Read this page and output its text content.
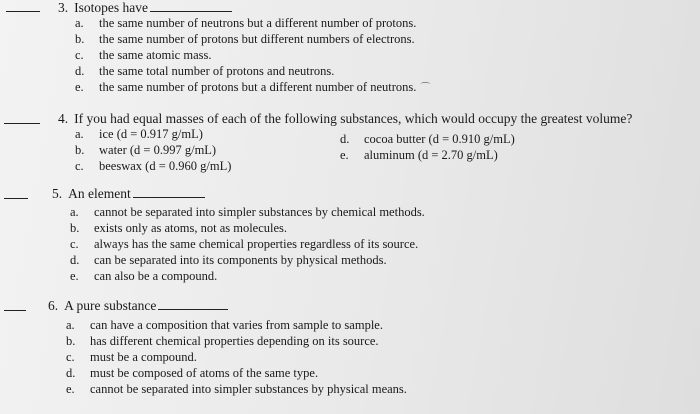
3. Isotopes have
a. the same number of neutrons but a different number of protons.
b. the same number of protons but different numbers of electrons.
c. the same atomic mass.
d. the same total number of protons and neutrons.
e. the same number of protons but a different number of neutrons. ⌒
4. If you had equal masses of each of the following substances, which would occupy the greatest volume?
a. ice (d = 0.917 g/mL)
b. water (d = 0.997 g/mL)
c. beeswax (d = 0.960 g/mL)
d. cocoa butter (d = 0.910 g/mL)
e. aluminum (d = 2.70 g/mL)
5. An element
a. cannot be separated into simpler substances by chemical methods.
b. exists only as atoms, not as molecules.
c. always has the same chemical properties regardless of its source.
d. can be separated into its components by physical methods.
e. can also be a compound.
6. A pure substance
a. can have a composition that varies from sample to sample.
b. has different chemical properties depending on its source.
c. must be a compound.
d. must be composed of atoms of the same type.
e. cannot be separated into simpler substances by physical means.
